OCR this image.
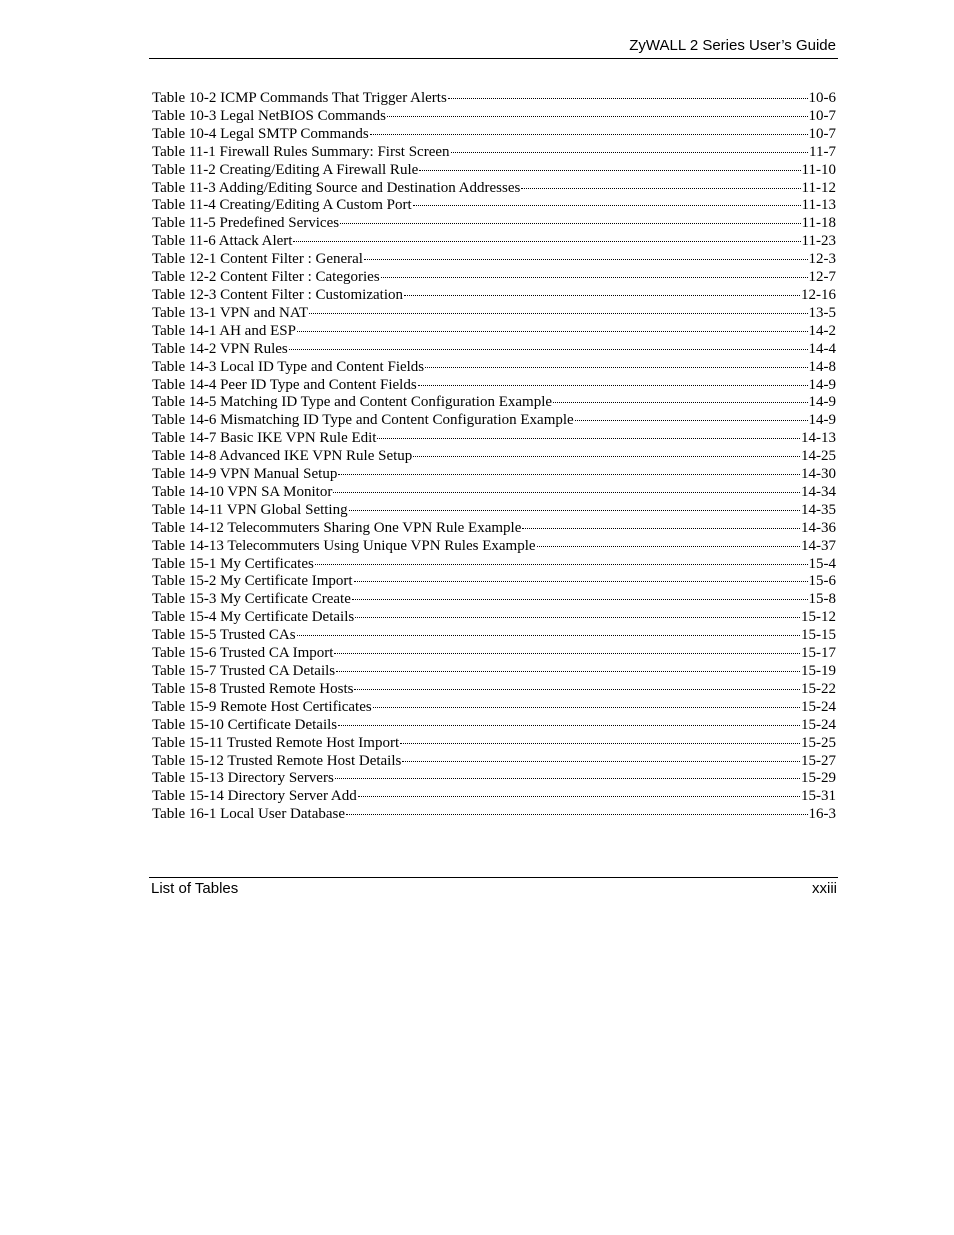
ZyWALL 2 Series User’s Guide
Table 10-2 ICMP Commands That Trigger Alerts	10-6
Table 10-3 Legal NetBIOS Commands	10-7
Table 10-4 Legal SMTP Commands	10-7
Table 11-1 Firewall Rules Summary: First Screen	11-7
Table 11-2 Creating/Editing A Firewall Rule	11-10
Table 11-3 Adding/Editing Source and Destination Addresses	11-12
Table 11-4 Creating/Editing A Custom Port	11-13
Table 11-5 Predefined Services	11-18
Table 11-6 Attack Alert	11-23
Table 12-1 Content Filter : General	12-3
Table 12-2 Content Filter : Categories	12-7
Table 12-3 Content Filter : Customization	12-16
Table 13-1 VPN and NAT	13-5
Table 14-1 AH and ESP	14-2
Table 14-2 VPN Rules	14-4
Table 14-3 Local ID Type and Content Fields	14-8
Table 14-4 Peer ID Type and Content Fields	14-9
Table 14-5 Matching ID Type and Content Configuration Example	14-9
Table 14-6 Mismatching ID Type and Content Configuration Example	14-9
Table 14-7 Basic IKE VPN Rule Edit	14-13
Table 14-8 Advanced IKE VPN Rule Setup	14-25
Table 14-9 VPN Manual Setup	14-30
Table 14-10 VPN SA Monitor	14-34
Table 14-11 VPN Global Setting	14-35
Table 14-12 Telecommuters Sharing One VPN Rule Example	14-36
Table 14-13 Telecommuters Using Unique VPN Rules Example	14-37
Table 15-1 My Certificates	15-4
Table 15-2 My Certificate Import	15-6
Table 15-3 My Certificate Create	15-8
Table 15-4 My Certificate Details	15-12
Table 15-5 Trusted CAs	15-15
Table 15-6 Trusted CA Import	15-17
Table 15-7 Trusted CA Details	15-19
Table 15-8 Trusted Remote Hosts	15-22
Table 15-9 Remote Host Certificates	15-24
Table 15-10 Certificate Details	15-24
Table 15-11 Trusted Remote Host Import	15-25
Table 15-12 Trusted Remote Host Details	15-27
Table 15-13 Directory Servers	15-29
Table 15-14 Directory Server Add	15-31
Table 16-1 Local User Database	16-3
List of Tables	xxiii
